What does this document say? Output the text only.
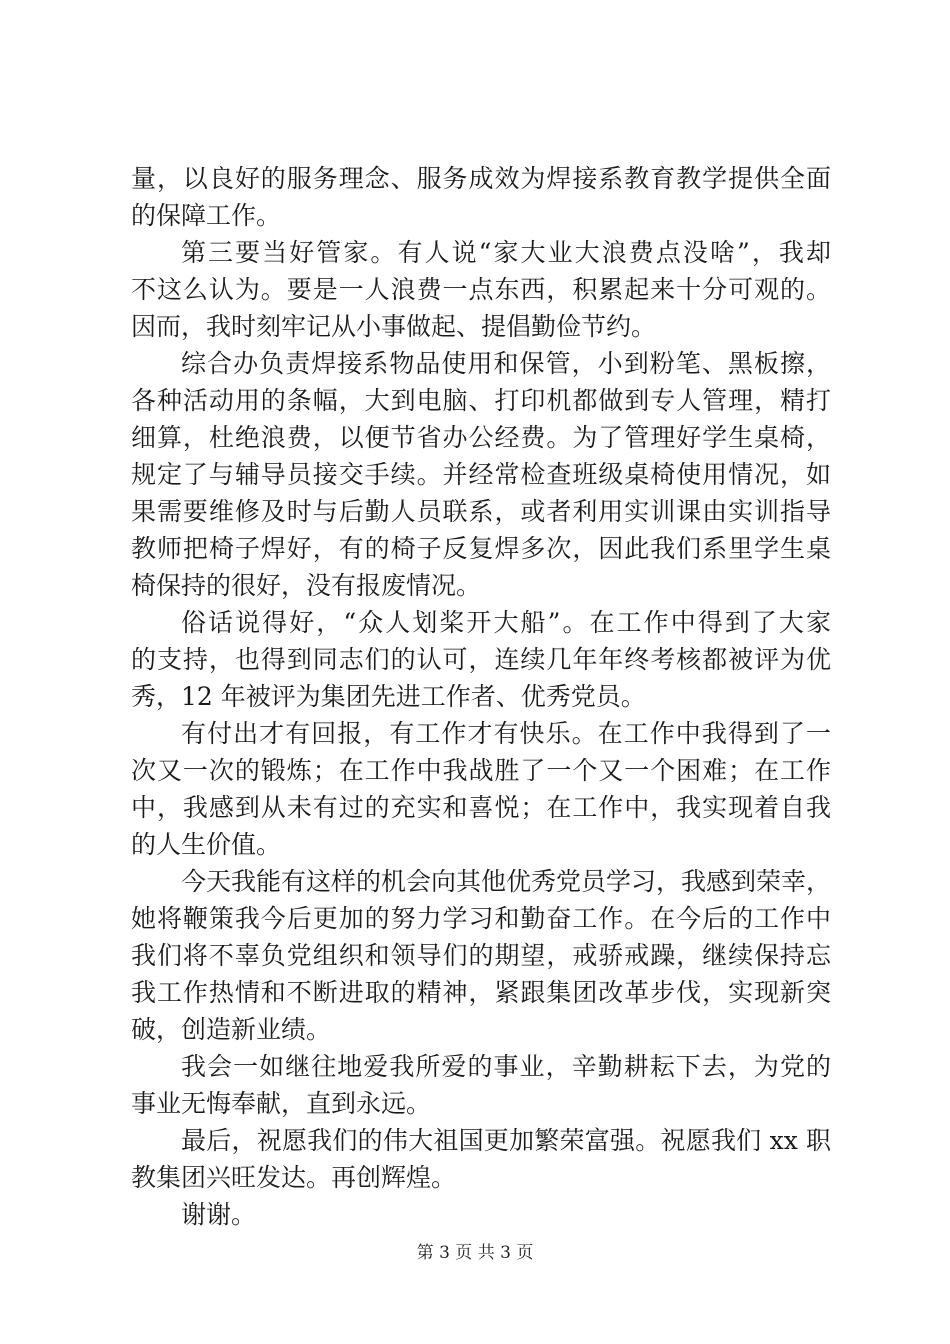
量，以良好的服务理念、服务成效为焊接系教育教学提供全面
的保障工作。
第三要当好管家。有人说“家大业大浪费点没啥”，我却
不这么认为。要是一人浪费一点东西，积累起来十分可观的。
因而，我时刻牢记从小事做起、提倡勤俭节约。
综合办负责焊接系物品使用和保管，小到粉笔、黑板擦，
各种活动用的条幅，大到电脑、打印机都做到专人管理，精打
细算，杜绝浪费，以便节省办公经费。为了管理好学生桌椅，
规定了与辅导员接交手续。并经常检查班级桌椅使用情况，如
果需要维修及时与后勤人员联系，或者利用实训课由实训指导
教师把椅子焊好，有的椅子反复焊多次，因此我们系里学生桌
椅保持的很好，没有报废情况。
俗话说得好，“众人划桨开大船”。在工作中得到了大家
的支持，也得到同志们的认可，连续几年年终考核都被评为优
秀，12 年被评为集团先进工作者、优秀党员。
有付出才有回报，有工作才有快乐。在工作中我得到了一
次又一次的锻炼；在工作中我战胜了一个又一个困难；在工作
中，我感到从未有过的充实和喜悦；在工作中，我实现着自我
的人生价值。
今天我能有这样的机会向其他优秀党员学习，我感到荣幸，
她将鞭策我今后更加的努力学习和勤奋工作。在今后的工作中
我们将不辜负党组织和领导们的期望，戒骄戒躁，继续保持忘
我工作热情和不断进取的精神，紧跟集团改革步伐，实现新突
破，创造新业绩。
我会一如继往地爱我所爱的事业，辛勤耕耘下去，为党的
事业无悔奉献，直到永远。
最后，祝愿我们的伟大祖国更加繁荣富强。祝愿我们 xx 职
教集团兴旺发达。再创辉煌。
谢谢。
第 3 页 共 3 页
